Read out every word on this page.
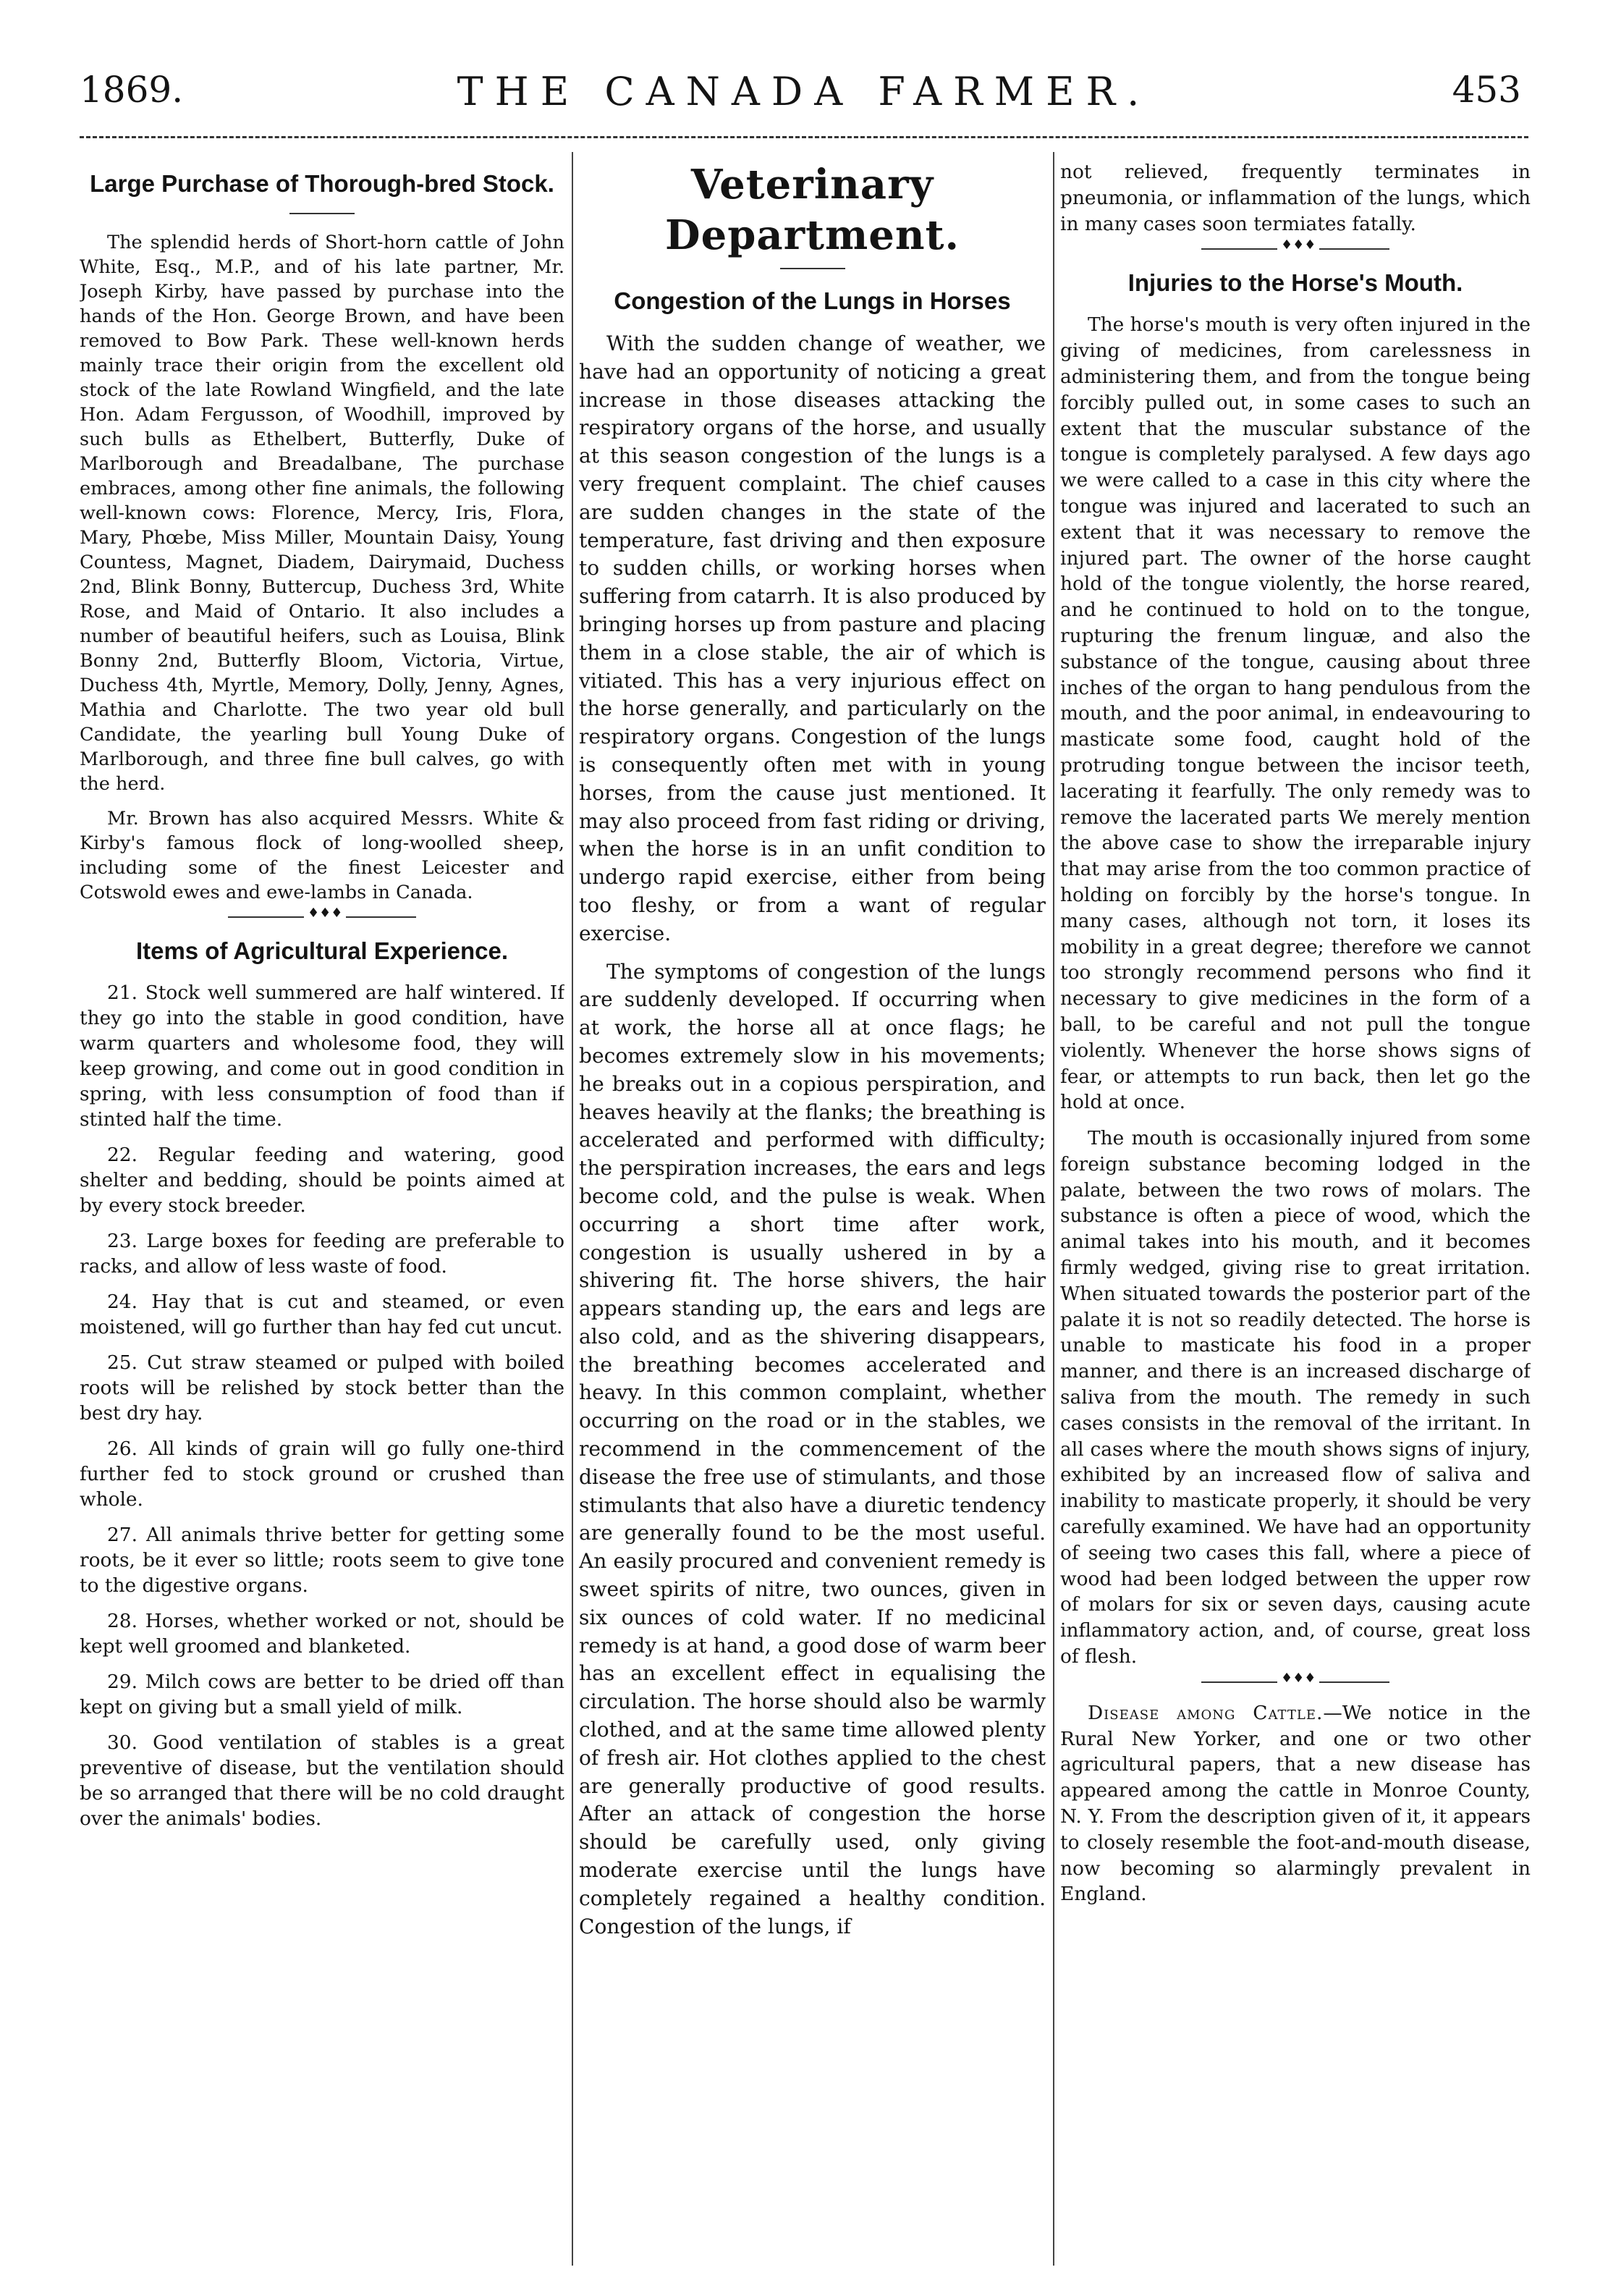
1869.	THE CANADA FARMER.	453
Large Purchase of Thorough-bred Stock.

The splendid herds of Short-horn cattle of John White, Esq., M.P., and of his late partner, Mr. Joseph Kirby, have passed by purchase into the hands of the Hon. George Brown, and have been removed to Bow Park. These well-known herds mainly trace their origin from the excellent old stock of the late Rowland Wingfield, and the late Hon. Adam Fergusson, of Woodhill, improved by such bulls as Ethelbert, Butterfly, Duke of Marlborough and Breadalbane, The purchase embraces, among other fine animals, the following well-known cows: Florence, Mercy, Iris, Flora, Mary, Phœbe, Miss Miller, Mountain Daisy, Young Countess, Magnet, Diadem, Dairymaid, Duchess 2nd, Blink Bonny, Buttercup, Duchess 3rd, White Rose, and Maid of Ontario. It also includes a number of beautiful heifers, such as Louisa, Blink Bonny 2nd, Butterfly Bloom, Victoria, Virtue, Duchess 4th, Myrtle, Memory, Dolly, Jenny, Agnes, Mathia and Charlotte. The two year old bull Candidate, the yearling bull Young Duke of Marlborough, and three fine bull calves, go with the herd.

Mr. Brown has also acquired Messrs. White & Kirby's famous flock of long-woolled sheep, including some of the finest Leicester and Cotswold ewes and ewe-lambs in Canada.

♦♦♦
Items of Agricultural Experience.

21. Stock well summered are half wintered. If they go into the stable in good condition, have warm quarters and wholesome food, they will keep growing, and come out in good condition in spring, with less consumption of food than if stinted half the time.

22. Regular feeding and watering, good shelter and bedding, should be points aimed at by every stock breeder.

23. Large boxes for feeding are preferable to racks, and allow of less waste of food.

24. Hay that is cut and steamed, or even moistened, will go further than hay fed cut uncut.

25. Cut straw steamed or pulped with boiled roots will be relished by stock better than the best dry hay.

26. All kinds of grain will go fully one-third further fed to stock ground or crushed than whole.

27. All animals thrive better for getting some roots, be it ever so little; roots seem to give tone to the digestive organs.

28. Horses, whether worked or not, should be kept well groomed and blanketed.

29. Milch cows are better to be dried off than kept on giving but a small yield of milk.

30. Good ventilation of stables is a great preventive of disease, but the ventilation should be so arranged that there will be no cold draught over the animals' bodies.

Veterinary Department.
Congestion of the Lungs in Horses

With the sudden change of weather, we have had an opportunity of noticing a great increase in those diseases attacking the respiratory organs of the horse, and usually at this season congestion of the lungs is a very frequent complaint. The chief causes are sudden changes in the state of the temperature, fast driving and then exposure to sudden chills, or working horses when suffering from catarrh. It is also produced by bringing horses up from pasture and placing them in a close stable, the air of which is vitiated. This has a very injurious effect on the horse generally, and particularly on the respiratory organs. Congestion of the lungs is consequently often met with in young horses, from the cause just mentioned. It may also proceed from fast riding or driving, when the horse is in an unfit condition to undergo rapid exercise, either from being too fleshy, or from a want of regular exercise.

The symptoms of congestion of the lungs are suddenly developed. If occurring when at work, the horse all at once flags; he becomes extremely slow in his movements; he breaks out in a copious perspiration, and heaves heavily at the flanks; the breathing is accelerated and performed with difficulty; the perspiration increases, the ears and legs become cold, and the pulse is weak. When occurring a short time after work, congestion is usually ushered in by a shivering fit. The horse shivers, the hair appears standing up, the ears and legs are also cold, and as the shivering disappears, the breathing becomes accelerated and heavy. In this common complaint, whether occurring on the road or in the stables, we recommend in the commencement of the disease the free use of stimulants, and those stimulants that also have a diuretic tendency are generally found to be the most useful. An easily procured and convenient remedy is sweet spirits of nitre, two ounces, given in six ounces of cold water. If no medicinal remedy is at hand, a good dose of warm beer has an excellent effect in equalising the circulation. The horse should also be warmly clothed, and at the same time allowed plenty of fresh air. Hot clothes applied to the chest are generally productive of good results. After an attack of congestion the horse should be carefully used, only giving moderate exercise until the lungs have completely regained a healthy condition. Congestion of the lungs, if

not relieved, frequently terminates in pneumonia, or inflammation of the lungs, which in many cases soon termiates fatally.

♦♦♦
Injuries to the Horse's Mouth.

The horse's mouth is very often injured in the giving of medicines, from carelessness in administering them, and from the tongue being forcibly pulled out, in some cases to such an extent that the muscular substance of the tongue is completely paralysed. A few days ago we were called to a case in this city where the tongue was injured and lacerated to such an extent that it was necessary to remove the injured part. The owner of the horse caught hold of the tongue violently, the horse reared, and he continued to hold on to the tongue, rupturing the frenum linguæ, and also the substance of the tongue, causing about three inches of the organ to hang pendulous from the mouth, and the poor animal, in endeavouring to masticate some food, caught hold of the protruding tongue between the incisor teeth, lacerating it fearfully. The only remedy was to remove the lacerated parts We merely mention the above case to show the irreparable injury that may arise from the too common practice of holding on forcibly by the horse's tongue. In many cases, although not torn, it loses its mobility in a great degree; therefore we cannot too strongly recommend persons who find it necessary to give medicines in the form of a ball, to be careful and not pull the tongue violently. Whenever the horse shows signs of fear, or attempts to run back, then let go the hold at once.

The mouth is occasionally injured from some foreign substance becoming lodged in the palate, between the two rows of molars. The substance is often a piece of wood, which the animal takes into his mouth, and it becomes firmly wedged, giving rise to great irritation. When situated towards the posterior part of the palate it is not so readily detected. The horse is unable to masticate his food in a proper manner, and there is an increased discharge of saliva from the mouth. The remedy in such cases consists in the removal of the irritant. In all cases where the mouth shows signs of injury, exhibited by an increased flow of saliva and inability to masticate properly, it should be very carefully examined. We have had an opportunity of seeing two cases this fall, where a piece of wood had been lodged between the upper row of molars for six or seven days, causing acute inflammatory action, and, of course, great loss of flesh.

♦♦♦

Disease among Cattle.—We notice in the Rural New Yorker, and one or two other agricultural papers, that a new disease has appeared among the cattle in Monroe County, N. Y. From the description given of it, it appears to closely resemble the foot-and-mouth disease, now becoming so alarmingly prevalent in England.
